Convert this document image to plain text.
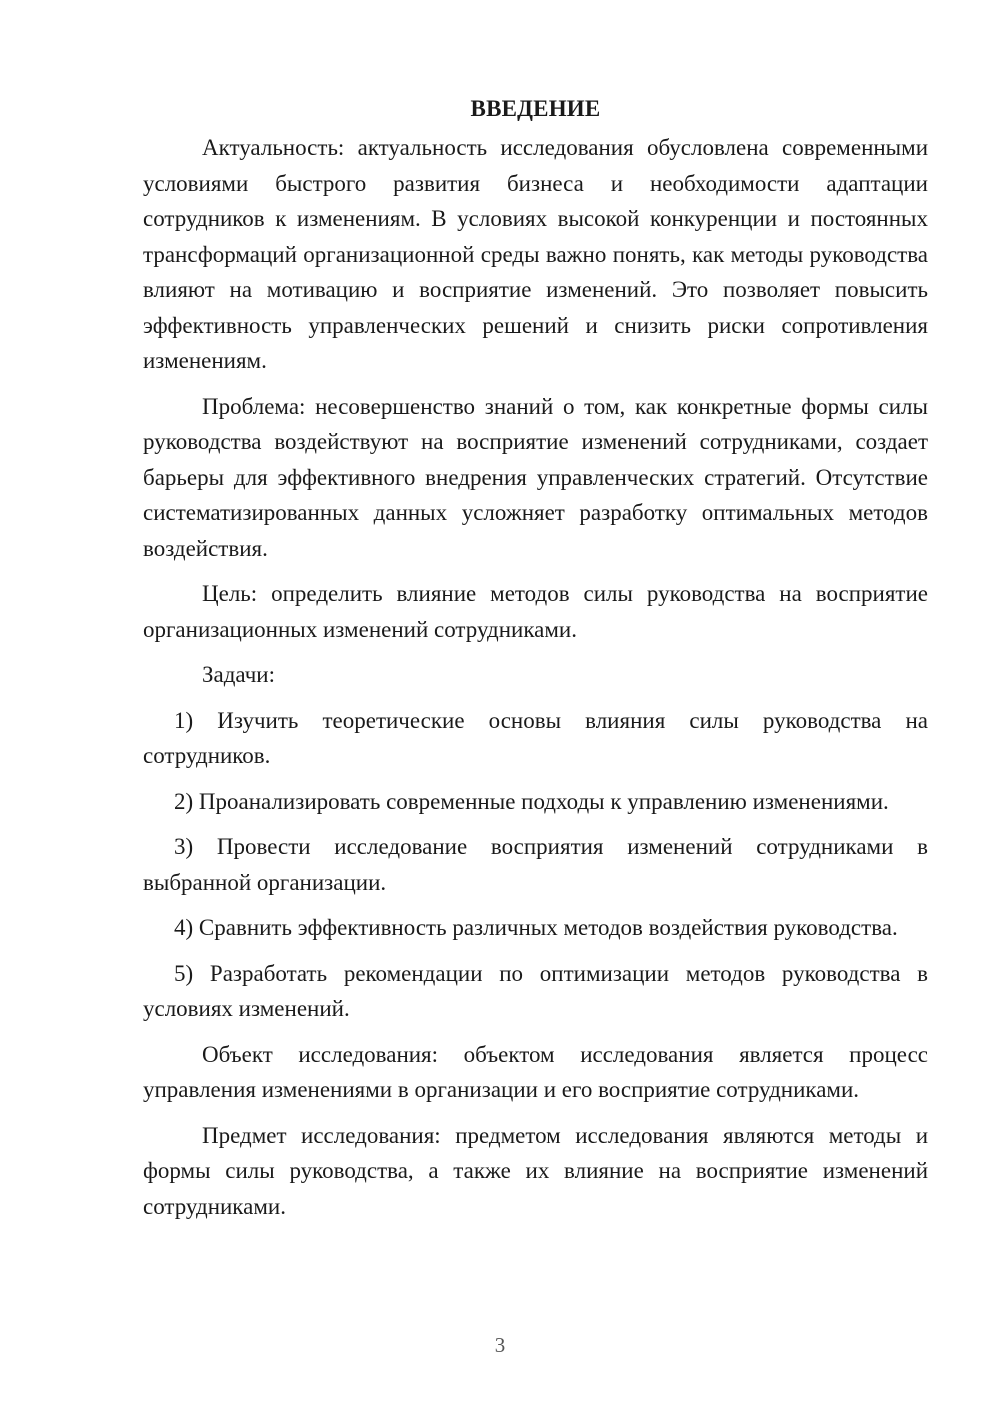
ВВЕДЕНИЕ

Актуальность: актуальность исследования обусловлена современными условиями быстрого развития бизнеса и необходимости адаптации сотрудников к изменениям. В условиях высокой конкуренции и постоянных трансформаций организационной среды важно понять, как методы руководства влияют на мотивацию и восприятие изменений. Это позволяет повысить эффективность управленческих решений и снизить риски сопротивления изменениям.

Проблема: несовершенство знаний о том, как конкретные формы силы руководства воздействуют на восприятие изменений сотрудниками, создает барьеры для эффективного внедрения управленческих стратегий. Отсутствие систематизированных данных усложняет разработку оптимальных методов воздействия.

Цель: определить влияние методов силы руководства на восприятие организационных изменений сотрудниками.

Задачи:

1) Изучить теоретические основы влияния силы руководства на сотрудников.

2) Проанализировать современные подходы к управлению изменениями.

3) Провести исследование восприятия изменений сотрудниками в выбранной организации.

4) Сравнить эффективность различных методов воздействия руководства.

5) Разработать рекомендации по оптимизации методов руководства в условиях изменений.

Объект исследования: объектом исследования является процесс управления изменениями в организации и его восприятие сотрудниками.

Предмет исследования: предметом исследования являются методы и формы силы руководства, а также их влияние на восприятие изменений сотрудниками.

3
